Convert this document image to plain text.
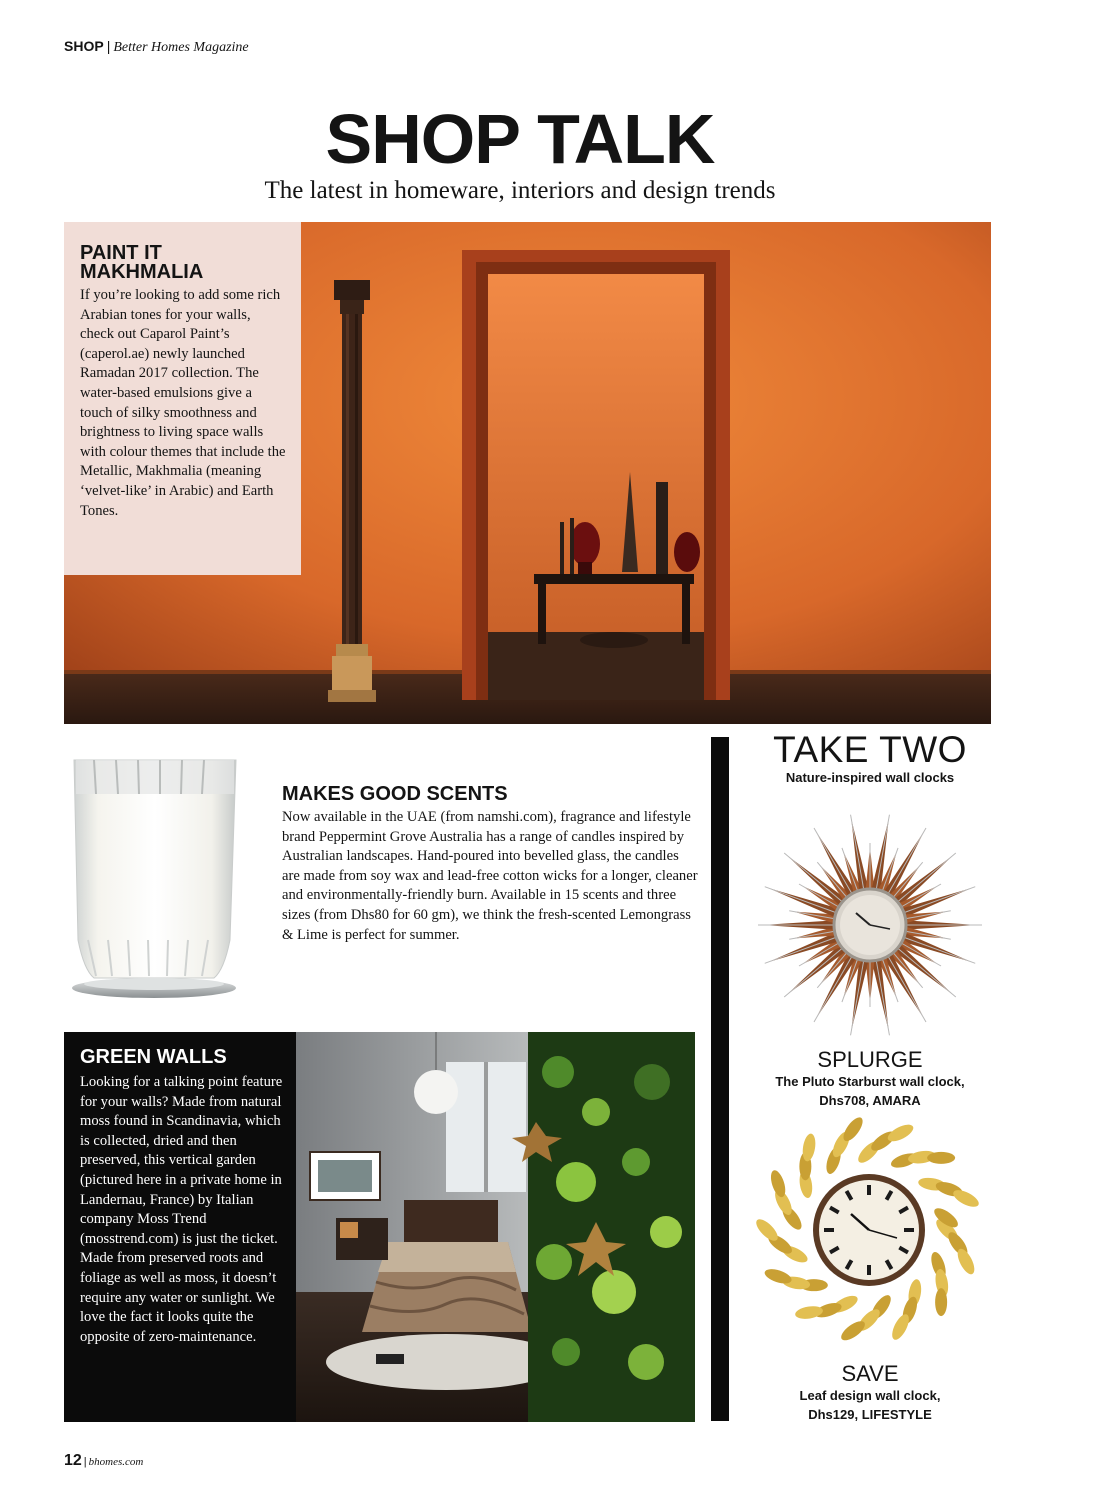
SHOP | Better Homes Magazine
SHOP TALK
The latest in homeware, interiors and design trends
PAINT IT
MAKHMALIA

If you’re looking to add some rich Arabian tones for your walls, check out Caparol Paint’s (caperol.ae) newly launched Ramadan 2017 collection. The water-based emulsions give a touch of silky smoothness and brightness to living space walls with colour themes that include the Metallic, Makhmalia (meaning ‘velvet-like’ in Arabic) and Earth Tones.

MAKES GOOD SCENTS

Now available in the UAE (from namshi.com), fragrance and lifestyle brand Peppermint Grove Australia has a range of candles inspired by Australian landscapes. Hand-poured into bevelled glass, the candles are made from soy wax and lead-free cotton wicks for a longer, cleaner and environmentally-friendly burn. Available in 15 scents and three sizes (from Dhs80 for 60 gm), we think the fresh-scented Lemongrass & Lime is perfect for summer.

GREEN WALLS

Looking for a talking point feature for your walls? Made from natural moss found in Scandinavia, which is collected, dried and then preserved, this vertical garden (pictured here in a private home in Landernau, France) by Italian company Moss Trend (mosstrend.com) is just the ticket. Made from preserved roots and foliage as well as moss, it doesn’t require any water or sunlight. We love the fact it looks quite the opposite of zero-maintenance.

TAKE TWO
Nature-inspired wall clocks
SPLURGE
The Pluto Starburst wall clock,
Dhs708, AMARA
SAVE
Leaf design wall clock,
Dhs129, LIFESTYLE
12 | bhomes.com
